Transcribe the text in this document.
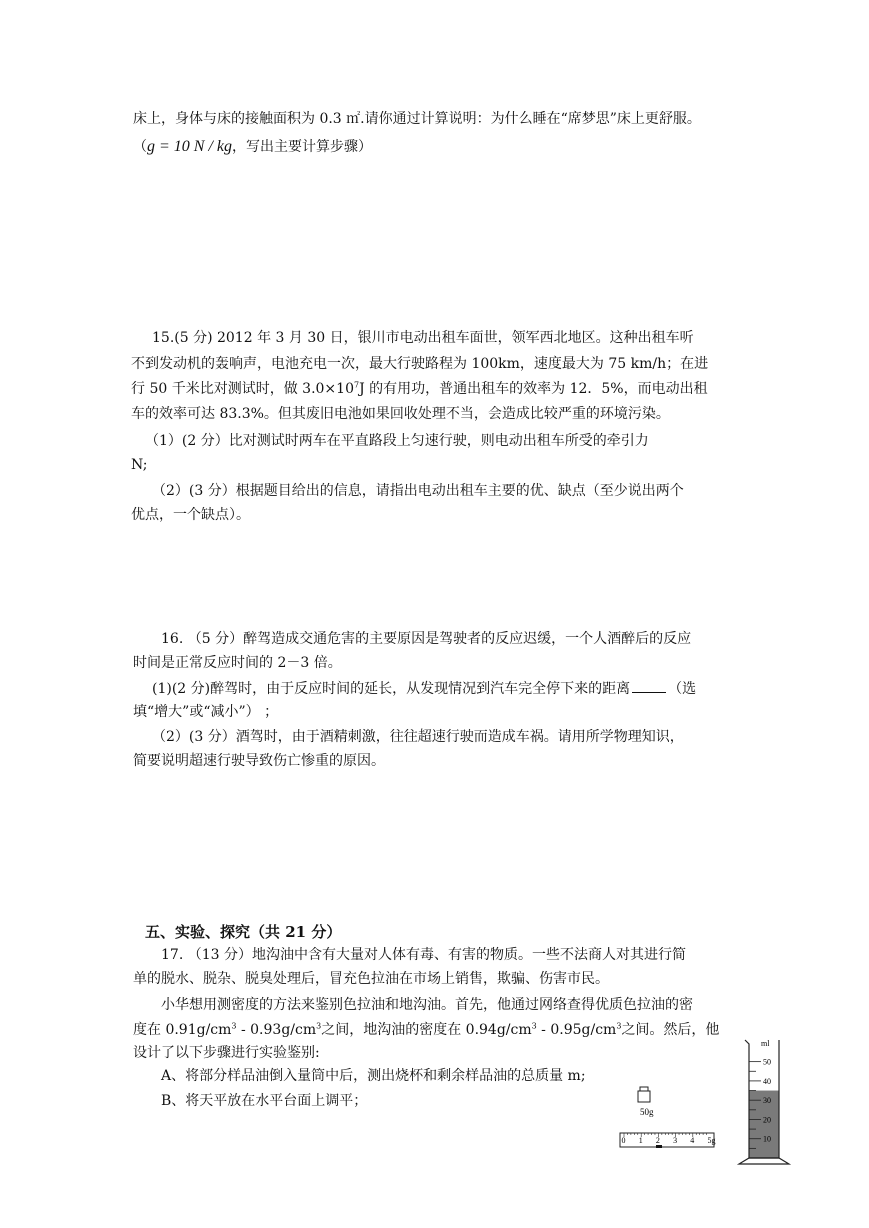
床上，身体与床的接触面积为 0.3 ㎡.请你通过计算说明：为什么睡在“席梦思”床上更舒服。
（g = 10 N / kg，写出主要计算步骤）
15.(5 分) 2012 年 3 月 30 日，银川市电动出租车面世，领军西北地区。这种出租车听
不到发动机的轰响声，电池充电一次，最大行驶路程为 100km，速度最大为 75 km/h；在进
行 50 千米比对测试时，做 $3.0\times 10^7J$ 的有用功，普通出租车的效率为 12．5%，而电动出租
车的效率可达 83.3%。但其废旧电池如果回收处理不当，会造成比较严重的环境污染。
（1）(2 分）比对测试时两车在平直路段上匀速行驶，则电动出租车所受的牵引力
N;
（2）(3 分）根据题目给出的信息，请指出电动出租车主要的优、缺点（至少说出两个
优点，一个缺点）。
16. （5 分）醉驾造成交通危害的主要原因是驾驶者的反应迟缓，一个人酒醉后的反应
时间是正常反应时间的 2－3 倍。
(1)(2 分)醉驾时，由于反应时间的延长，从发现情况到汽车完全停下来的距离	（选
填“增大”或“减小”） ；
（2）(3 分）酒驾时，由于酒精刺激，往往超速行驶而造成车祸。请用所学物理知识，
简要说明超速行驶导致伤亡惨重的原因。
五、实验、探究（共 21 分）
17. （13 分）地沟油中含有大量对人体有毒、有害的物质。一些不法商人对其进行简
单的脱水、脱杂、脱臭处理后，冒充色拉油在市场上销售，欺骗、伤害市民。
小华想用测密度的方法来鉴别色拉油和地沟油。首先，他通过网络查得优质色拉油的密
度在 $0.91g/cm^3 - 0.93g/cm^3$之间，地沟油的密度在 $0.94g/cm^3 - 0.95g/cm^3$之间。然后，他
设计了以下步骤进行实验鉴别:
A、将部分样品油倒入量筒中后，测出烧杯和剩余样品油的总质量 m;
B、将天平放在水平台面上调平；
50g
0 1 2 3 4 5g
ml
50
40
30
20
10
